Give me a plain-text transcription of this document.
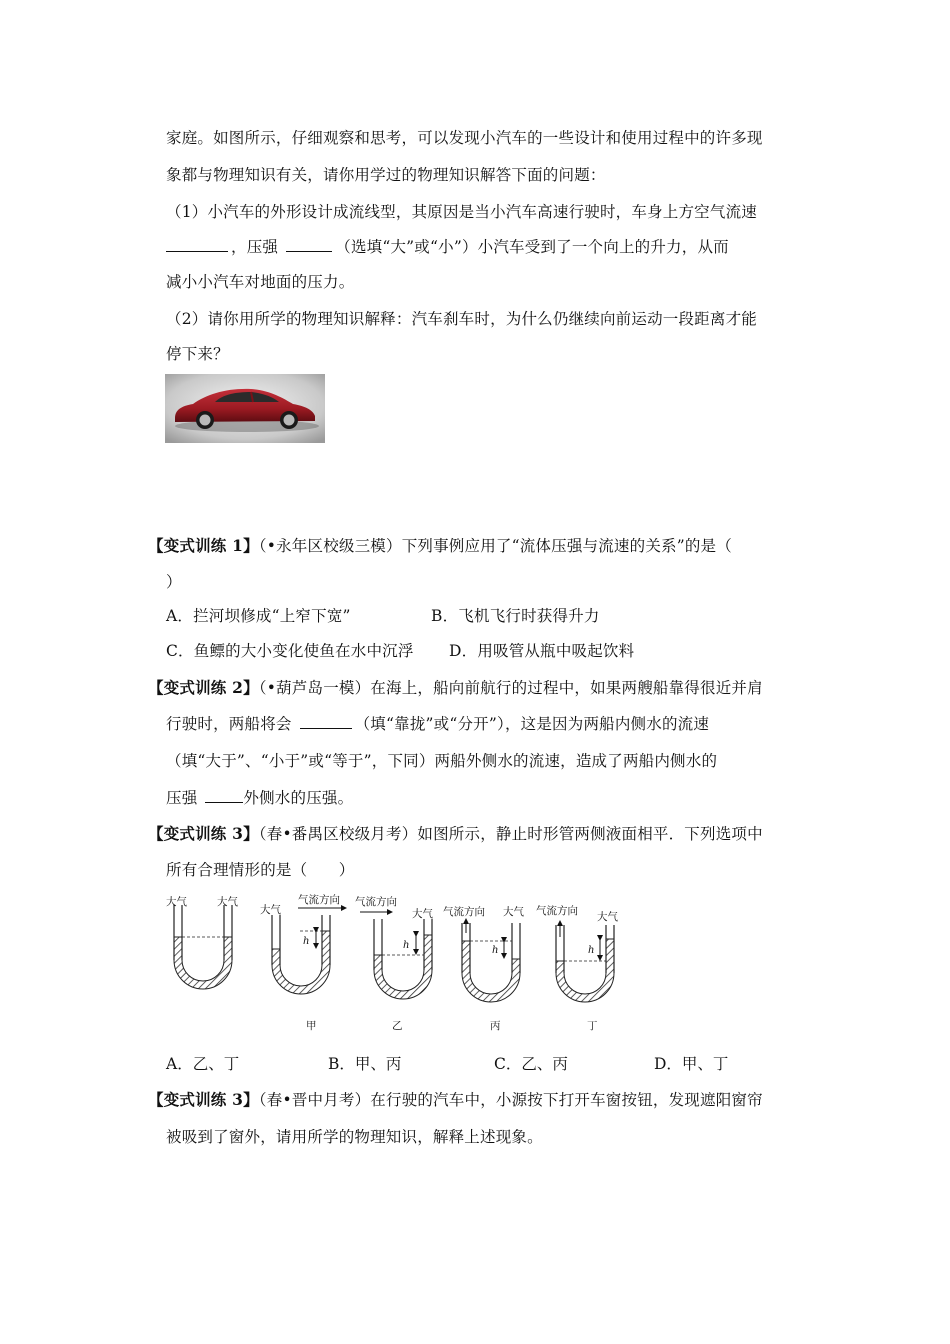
家庭。如图所示，仔细观察和思考，可以发现小汽车的一些设计和使用过程中的许多现
象都与物理知识有关，请你用学过的物理知识解答下面的问题：
（1）小汽车的外形设计成流线型，其原因是当小汽车高速行驶时，车身上方空气流速
，压强	（选填“大”或“小”）小汽车受到了一个向上的升力，从而
减小小汽车对地面的压力。
（2）请你用所学的物理知识解释：汽车刹车时，为什么仍继续向前运动一段距离才能
停下来？
【变式训练 1】（•永年区校级三模）下列事例应用了“流体压强与流速的关系”的是（
）
A．拦河坝修成“上窄下宽”	B．飞机飞行时获得升力
C．鱼鳔的大小变化使鱼在水中沉浮 D．用吸管从瓶中吸起饮料
【变式训练 2】（•葫芦岛一模）在海上，船向前航行的过程中，如果两艘船靠得很近并肩
行驶时，两船将会	（填“靠拢”或“分开”），这是因为两船内侧水的流速
（填“大于”、“小于”或“等于”，下同）两船外侧水的流速，造成了两船内侧水的
压强	外侧水的压强。
【变式训练 3】（春•番禺区校级月考）如图所示，静止时形管两侧液面相平．下列选项中
所有合理情形的是（　　）
大气	大气
h
大气
气流方向
甲
h
气流方向
大气
乙
h
气流方向 大气
丙
h
气流方向 大气
丁
A．乙、丁	B．甲、丙	C．乙、丙	D．甲、丁
【变式训练 3】（春•晋中月考）在行驶的汽车中，小源按下打开车窗按钮，发现遮阳窗帘
被吸到了窗外，请用所学的物理知识，解释上述现象。
